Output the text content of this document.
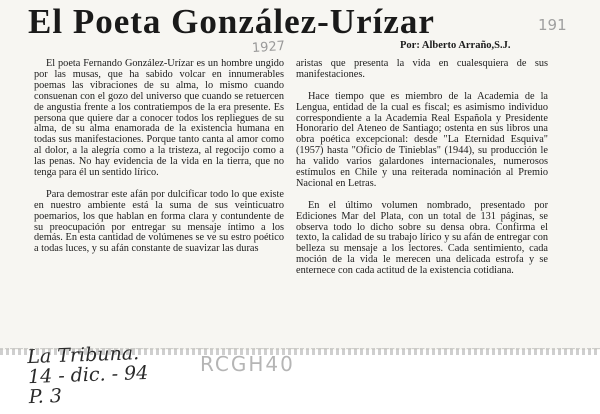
El Poeta González-Urízar
1927
191
Por: Alberto Arraño,S.J.

El poeta Fernando González-Urízar es un hombre ungido por las musas, que ha sabido volcar en innumerables poemas las vibraciones de su alma, lo mismo cuando consuenan con el gozo del universo que cuando se retuercen de angustia frente a los contratiempos de la era presente. Es persona que quiere dar a conocer todos los repliegues de su alma, de su alma enamorada de la existencia humana en todas sus manifestaciones. Porque tanto canta al amor como al dolor, a la alegría como a la tristeza, al regocijo como a las penas. No hay evidencia de la vida en la tierra, que no tenga para él un sentido lírico.

Para demostrar este afán por dulcificar todo lo que existe en nuestro ambiente está la suma de sus veinticuatro poemarios, los que hablan en forma clara y contundente de su preocupación por entregar su mensaje íntimo a los demás. En esta cantidad de volúmenes se ve su estro poético a todas luces, y su afán constante de suavizar las duras

aristas que presenta la vida en cualesquiera de sus manifestaciones.

Hace tiempo que es miembro de la Academia de la Lengua, entidad de la cual es fiscal; es asimismo individuo correspondiente a la Academia Real Española y Presidente Honorario del Ateneo de Santiago; ostenta en sus libros una obra poética excepcional: desde "La Eternidad Esquiva" (1957) hasta "Oficio de Tinieblas" (1944), su producción le ha valido varios galardones internacionales, numerosos estímulos en Chile y una reiterada nominación al Premio Nacional en Letras.

En el último volumen nombrado, presentado por Ediciones Mar del Plata, con un total de 131 páginas, se observa todo lo dicho sobre su densa obra. Confirma el texto, la calidad de su trabajo lírico y su afán de entregar con belleza su mensaje a los lectores. Cada sentimiento, cada moción de la vida le merecen una delicada estrofa y se enternece con cada actitud de la existencia cotidiana.

La Tribuna.
14 - dic. - 94
P. 3
RCGH40
